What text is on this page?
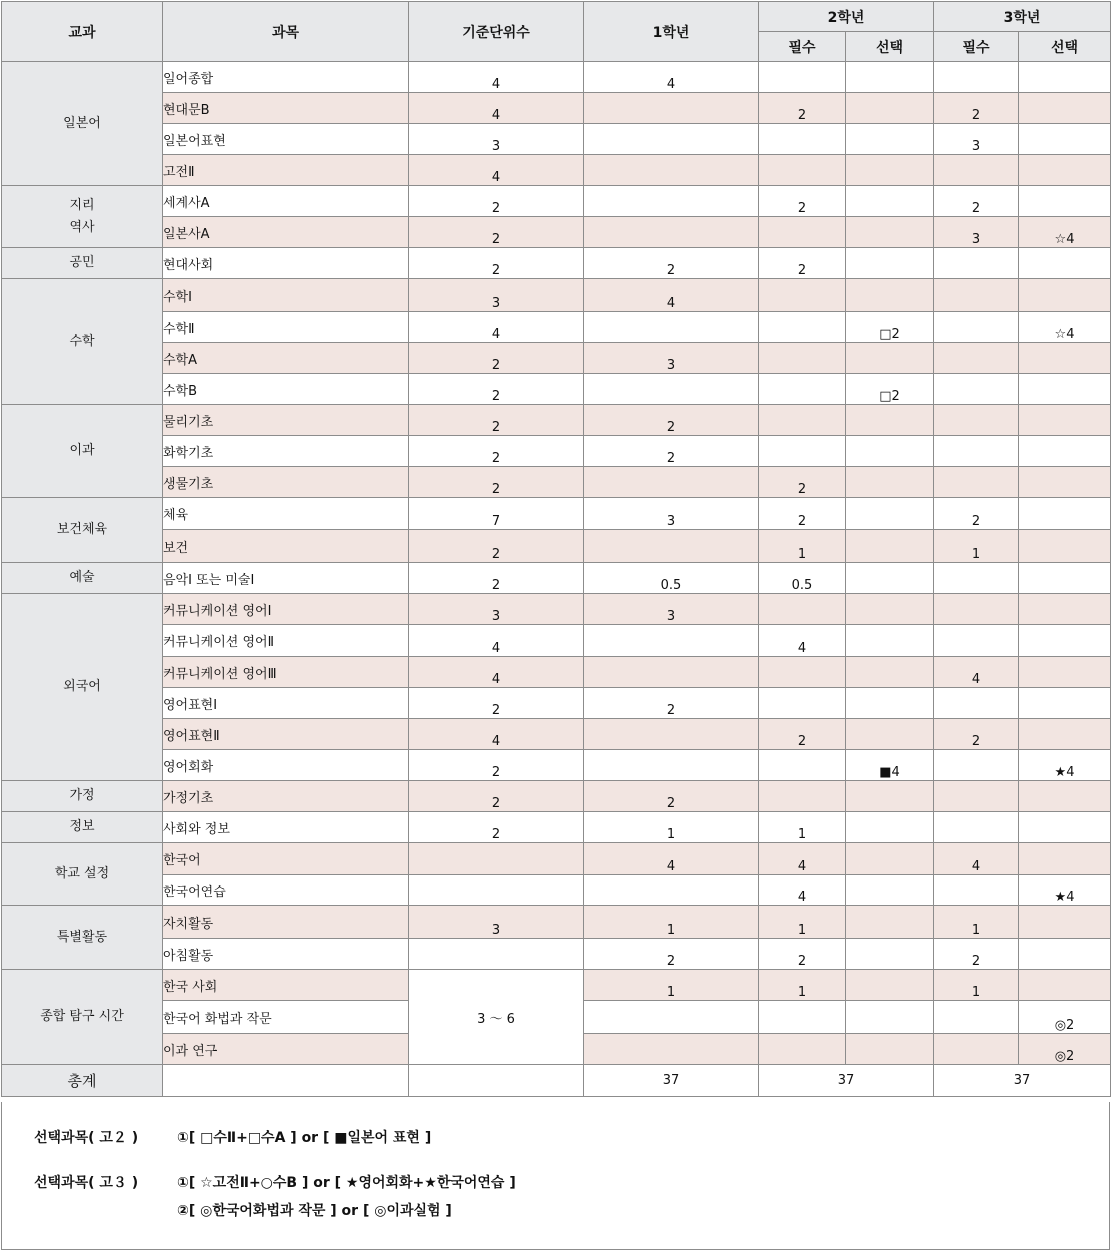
교과	과목	기준단위수	1학년	2학년		3학년	
				필수	선택	필수	선택
일본어	일어종합	4	4				
	현대문B	4		2		2	
	일본어표현	3				3	
	고전Ⅱ	4					
지리
역사	세계사A	2		2		2	
	일본사A	2				3	☆4
공민	현대사회	2	2	2			
수학	수학Ⅰ	3	4				
	수학Ⅱ	4			□2		☆4
	수학A	2	3				
	수학B	2			□2		
이과	물리기초	2	2				
	화학기초	2	2				
	생물기초	2		2			
보건체육	체육	7	3	2		2	
	보건	2		1		1	
예술	음악Ⅰ 또는 미술Ⅰ	2	0.5	0.5			
외국어	커뮤니케이션 영어Ⅰ	3	3				
	커뮤니케이션 영어Ⅱ	4		4			
	커뮤니케이션 영어Ⅲ	4				4	
	영어표현Ⅰ	2	2				
	영어표현Ⅱ	4		2		2	
	영어회화	2			■4		★4
가정	가정기초	2	2				
정보	사회와 정보	2	1	1			
학교 설정	한국어		4	4		4	
	한국어연습			4			★4
특별활동	자치활동	3	1	1		1	
	아침활동		2	2		2	
종합 탐구 시간	한국 사회	3 ～ 6	1	1		1	
	한국어 화법과 작문						◎2
	이과 연구						◎2
총계			37	37		37	
선택과목( 고２ )	①[ □수Ⅱ+□수A ] or [ ■일본어 표현 ]
선택과목( 고３ )	①[ ☆고전Ⅱ+○수B ] or [ ★영어회화+★한국어연습 ]
②[ ◎한국어화법과 작문 ] or [ ◎이과실험 ]
